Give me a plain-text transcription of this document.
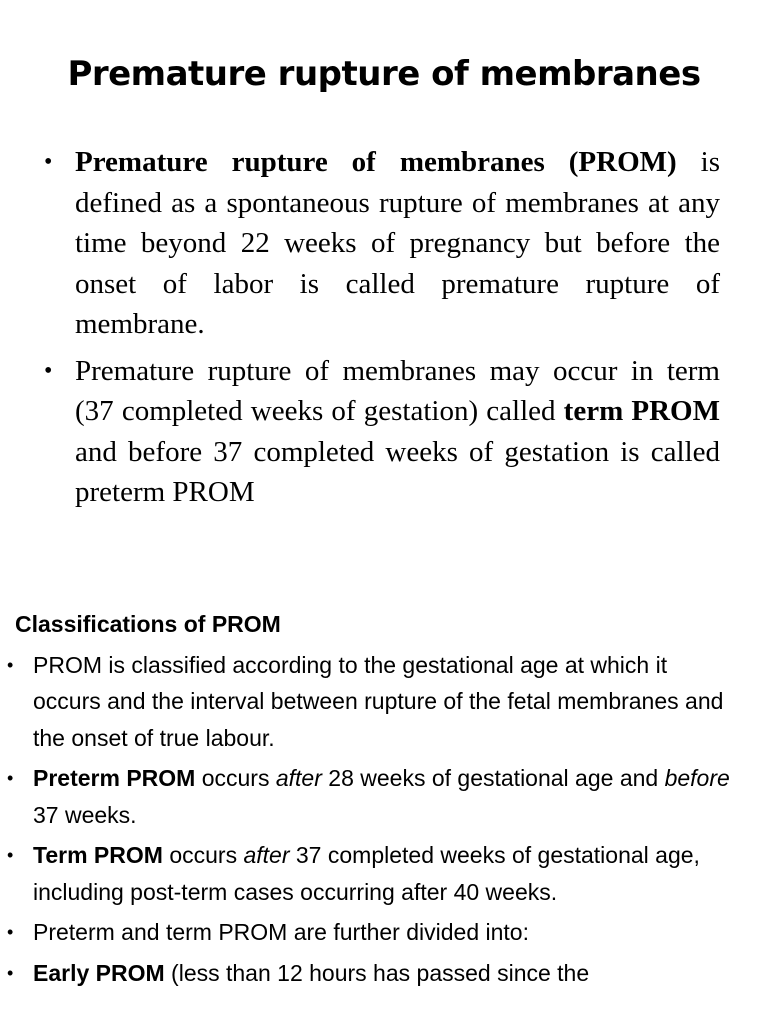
Premature rupture of membranes
• Premature rupture of membranes (PROM) is defined as a spontaneous rupture of membranes at any time beyond 22 weeks of pregnancy but before the onset of labor is called premature rupture of membrane.
• Premature rupture of membranes may occur in term (37 completed weeks of gestation) called term PROM and before 37 completed weeks of gestation is called preterm PROM
Classifications of PROM
• PROM is classified according to the gestational age at which it occurs and the interval between rupture of the fetal membranes and the onset of true labour.
• Preterm PROM occurs after 28 weeks of gestational age and before 37 weeks.
• Term PROM occurs after 37 completed weeks of gestational age, including post-term cases occurring after 40 weeks.
• Preterm and term PROM are further divided into:
• Early PROM (less than 12 hours has passed since the
